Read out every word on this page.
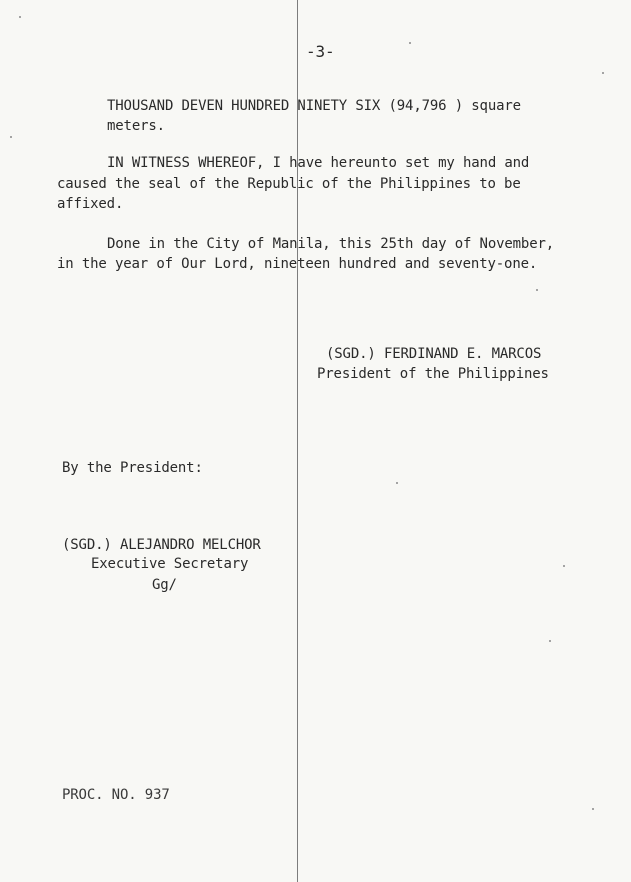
-3-
THOUSAND DEVEN HUNDRED NINETY SIX (94,796 ) square
meters.
IN WITNESS WHEREOF, I have hereunto set my hand and
caused the seal of the Republic of the Philippines to be
affixed.
Done in the City of Manila, this 25th day of November,
in the year of Our Lord, nineteen hundred and seventy-one.
(SGD.) FERDINAND E. MARCOS
President of the Philippines
By the President:
(SGD.) ALEJANDRO MELCHOR
Executive Secretary
Gg/
PROC. NO. 937
